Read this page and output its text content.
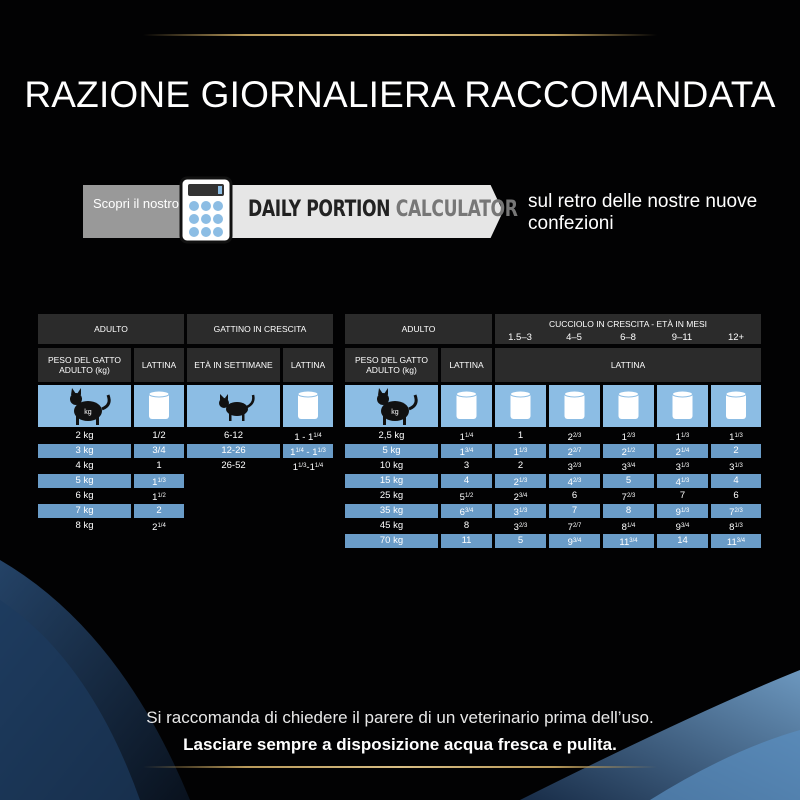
RAZIONE GIORNALIERA RACCOMANDATA
Scopri il nostro	DAILY PORTION CALCULATOR sul retro delle nostre nuove confezioni
ADULTO	GATTINO IN CRESCITA
PESO DEL GATTO ADULTO (kg)	LATTINA	ETÀ IN SETTIMANE	LATTINA
kg
2 kg	1/2
3 kg	3/4
4 kg	1
5 kg	$1^{1/3}$
6 kg	$1^{1/2}$
7 kg	2
8 kg	$2^{1/4}$
6-12	$1 - 1^{1/4}$
12-26	$1^{1/4} - 1^{1/3}$
26-52	$1^{1/3}-1^{1/4}$
ADULTO	CUCCIOLO IN CRESCITA - ETÀ IN MESI
1.5–3	4–5	6–8	9–11	12+
PESO DEL GATTO ADULTO (kg)	LATTINA	LATTINA
kg
2,5 kg	$1^{1/4}$	1	$2^{2/3}$	$1^{2/3}$	$1^{1/3}$	$1^{1/3}$
5 kg	$1^{3/4}$	$1^{1/3}$	$2^{2/7}$	$2^{1/2}$	$2^{1/4}$	2
10 kg	3	2	$3^{2/3}$	$3^{3/4}$	$3^{1/3}$	$3^{1/3}$
15 kg	4	$2^{1/3}$	$4^{2/3}$	5	$4^{1/3}$	4
25 kg	$5^{1/2}$	$2^{3/4}$	6	$7^{2/3}$	7	6
35 kg	$6^{3/4}$	$3^{1/3}$	7	8	$9^{1/3}$	$7^{2/3}$
45 kg	8	$3^{2/3}$	$7^{2/7}$	$8^{1/4}$	$9^{3/4}$	$8^{1/3}$
70 kg	11	5	$9^{3/4}$	$11^{3/4}$	14	$11^{3/4}$
Si raccomanda di chiedere il parere di un veterinario prima dell’uso.
Lasciare sempre a disposizione acqua fresca e pulita.
